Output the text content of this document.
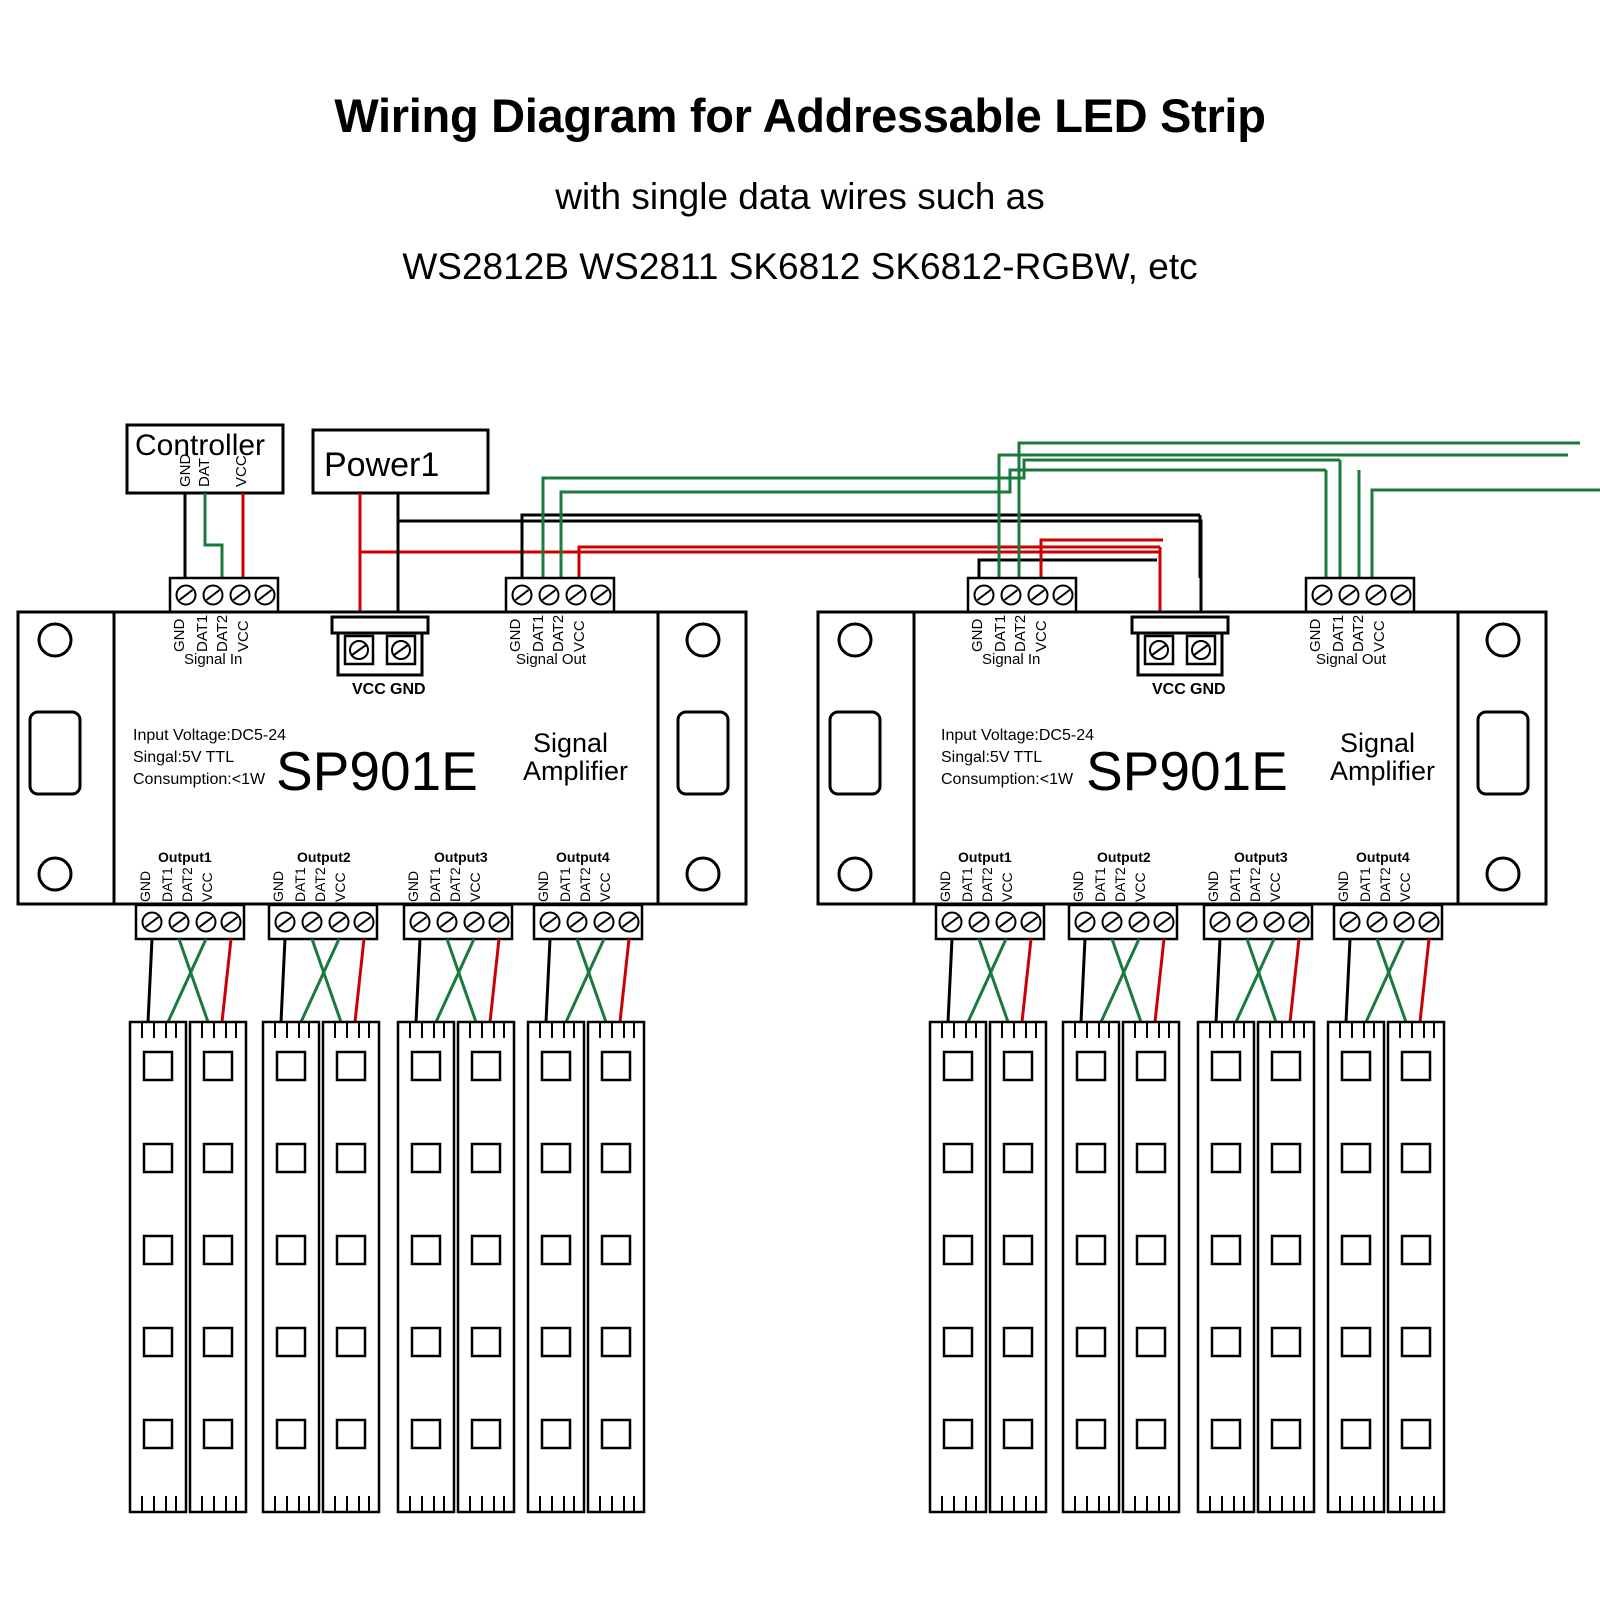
Wiring Diagram for Addressable LED Strip
with single data wires such as
WS2812B WS2811 SK6812 SK6812-RGBW, etc
Controller
GND DAT VCC Power1
GND DAT1 DAT2 VCC
Signal In
GND DAT1 DAT2 VCC
Signal Out
VCC GND
Input Voltage:DC5-24
Singal:5V TTL
Consumption:<1W SP901E Signal
Amplifier
Output1	Output2	Output3	Output4
GND DAT1 DAT2 VCC	GND DAT1 DAT2 VCC	GND DAT1 DAT2 VCC	GND DAT1 DAT2 VCC
GND DAT1 DAT2 VCC
Signal In
GND DAT1 DAT2 VCC
Signal Out
VCC GND
Input Voltage:DC5-24
Singal:5V TTL
Consumption:<1W SP901E Signal
Amplifier
Output1	Output2	Output3	Output4
GND DAT1 DAT2 VCC	GND DAT1 DAT2 VCC	GND DAT1 DAT2 VCC	GND DAT1 DAT2 VCC
